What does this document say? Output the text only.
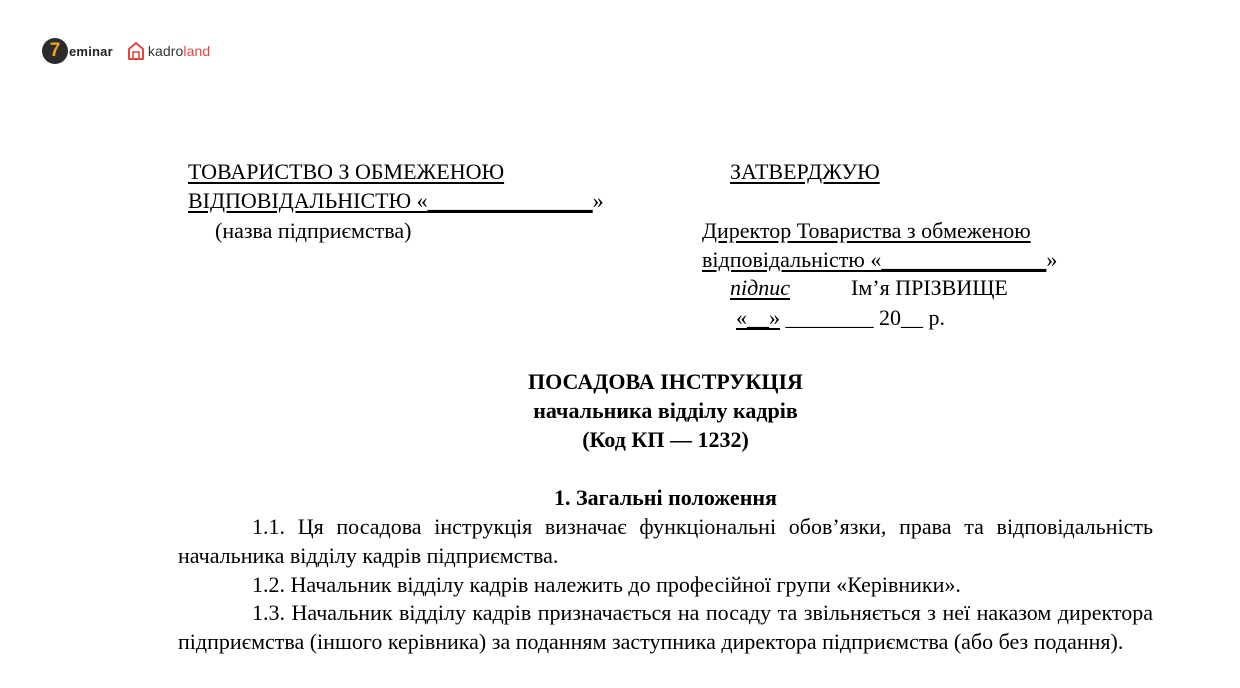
7 eminar	kadroland
ТОВАРИСТВО З ОБМЕЖЕНОЮ
ВІДПОВІДАЛЬНІСТЮ «_______________»
(назва підприємства)
ЗАТВЕРДЖУЮ
Директор Товариства з обмеженою
відповідальністю «_______________»
підпис	Ім’я ПРІЗВИЩЕ
«__» ________ 20__ р.
ПОСАДОВА ІНСТРУКЦІЯ
начальника відділу кадрів
(Код КП — 1232)
1. Загальні положення
1.1. Ця посадова інструкція визначає функціональні обов’язки, права та відповідальність начальника відділу кадрів підприємства.
1.2. Начальник відділу кадрів належить до професійної групи «Керівники».
1.3. Начальник відділу кадрів призначається на посаду та звільняється з неї наказом директора підприємства (іншого керівника) за поданням заступника директора підприємства (або без подання).
